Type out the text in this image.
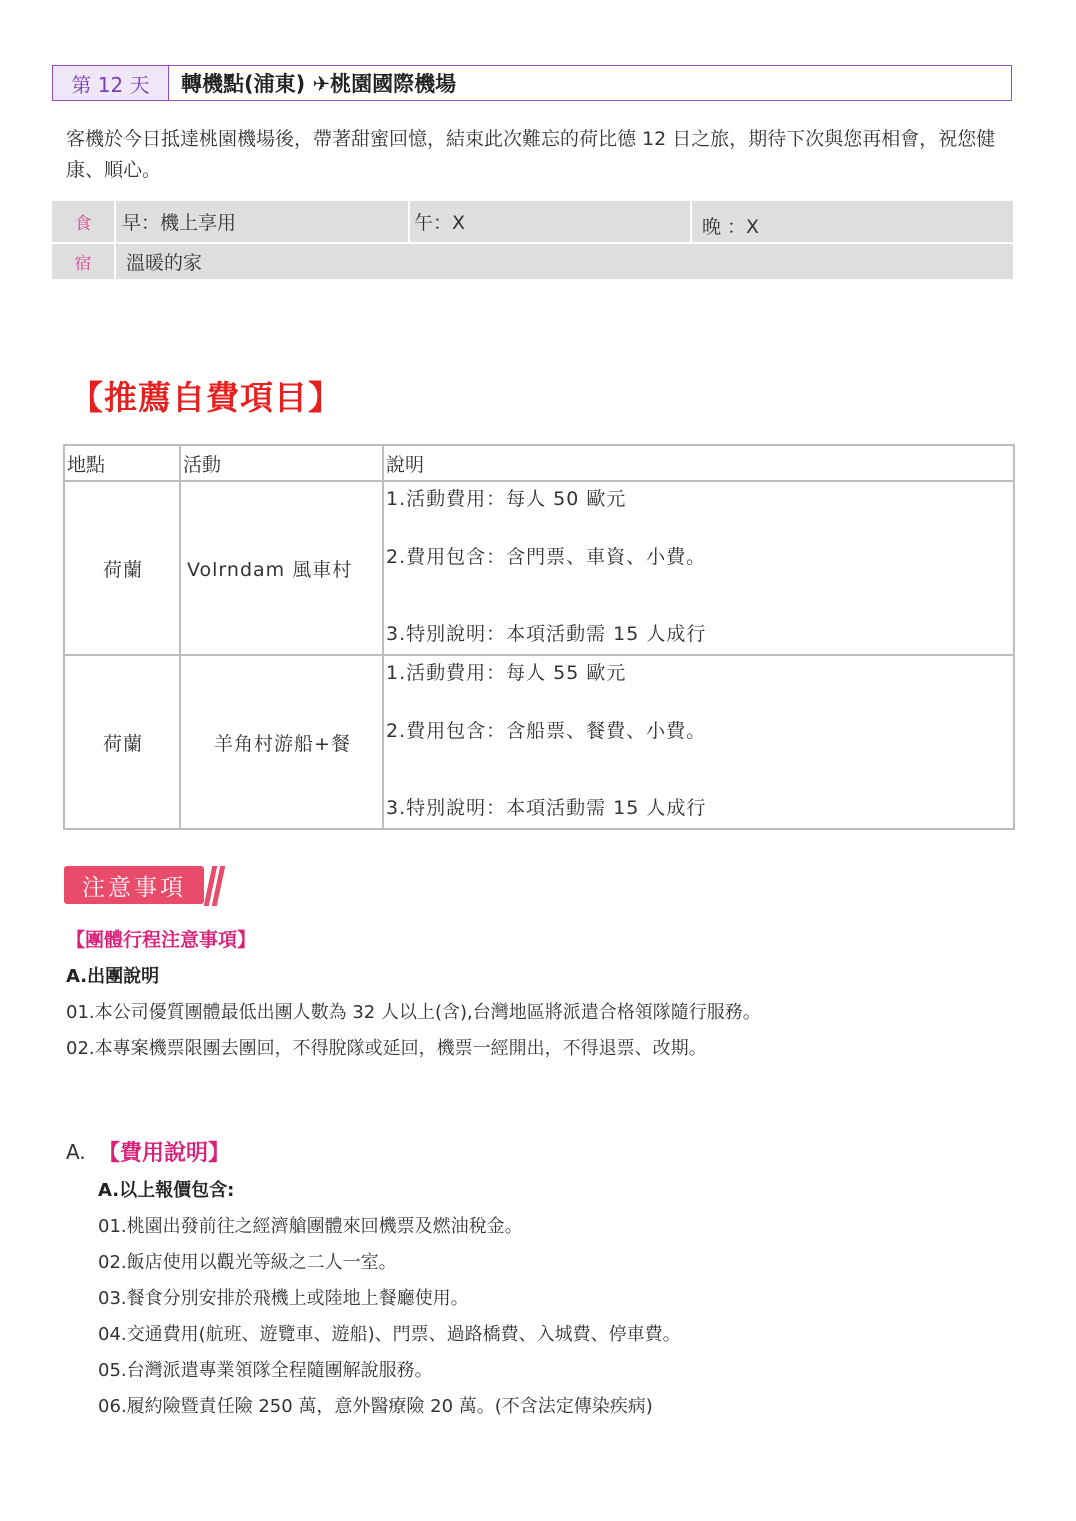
第 12 天	轉機點(浦東) ✈桃園國際機場
客機於今日抵達桃園機場後，帶著甜蜜回憶，結束此次難忘的荷比德 12 日之旅，期待下次與您再相會，祝您健康、順心。
食	早：機上享用	午：X	晚 ：X
宿	溫暖的家
【推薦自費項目】
地點	活動	說明
荷蘭	Volrndam 風車村	1.活動費用：每人 50 歐元
2.費用包含：含門票、車資、小費。
3.特別說明：本項活動需 15 人成行

荷蘭	羊角村游船+餐	1.活動費用：每人 55 歐元
2.費用包含：含船票、餐費、小費。
3.特別說明：本項活動需 15 人成行
注意事項
【團體行程注意事項】
A.出團說明
01.本公司優質團體最低出團人數為 32 人以上(含),台灣地區將派遣合格領隊隨行服務。
02.本專案機票限團去團回，不得脫隊或延回，機票一經開出，不得退票、改期。
A. 【費用說明】
A.以上報價包含:
01.桃園出發前往之經濟艙團體來回機票及燃油稅金。
02.飯店使用以觀光等級之二人一室。
03.餐食分別安排於飛機上或陸地上餐廳使用。
04.交通費用(航班、遊覽車、遊船)、門票、過路橋費、入城費、停車費。
05.台灣派遣專業領隊全程隨團解說服務。
06.履約險暨責任險 250 萬，意外醫療險 20 萬。(不含法定傳染疾病)
